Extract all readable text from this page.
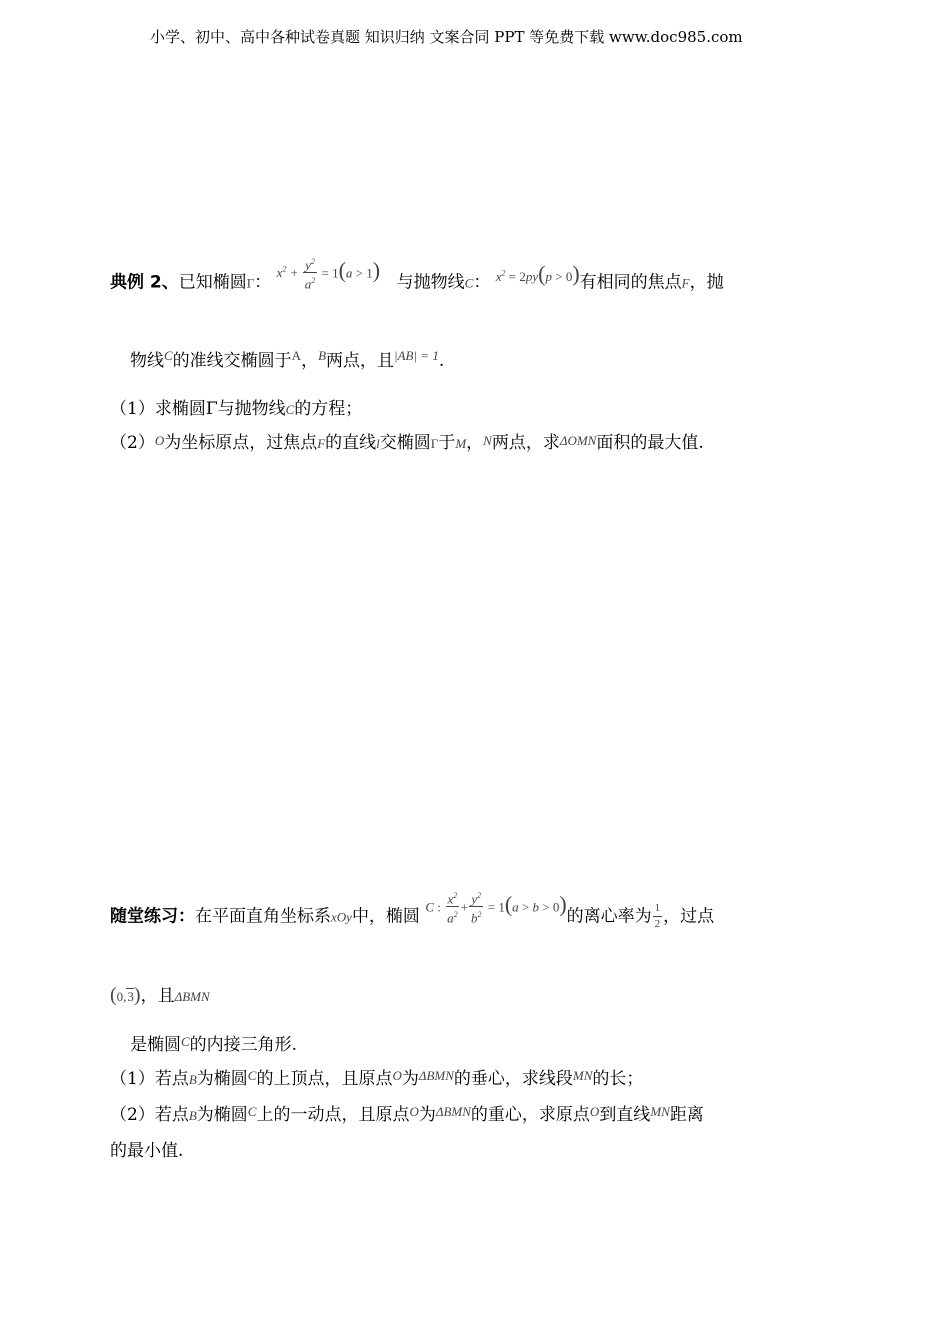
小学、初中、高中各种试卷真题 知识归纳 文案合同 PPT 等免费下载 www.doc985.com
典例 2、已知椭圆Γ： $x^2 + \frac{y^2}{a^2} = 1(a > 1)$ 与抛物线C： $x^2 = 2py(p > 0)$有相同的焦点F，抛
物线$^C$的准线交椭圆于$^A$，$^B$两点，且$^{|AB| = 1}$.
（1）求椭圆Γ与抛物线C的方程；
（2）O为坐标原点，过焦点F的直线l交椭圆Γ于M，N两点，求ΔOMN面积的最大值.
随堂练习：在平面直角坐标系xOy中，椭圆 C : $\frac{x^2}{a^2} + \frac{y^2}{b^2} = 1(a > b > 0)$的离心率为 $\frac{1}{2}$ ，过点
(0,3)，且ΔBMN
是椭圆$^C$的内接三角形.
（1）若点B为椭圆$^C$的上顶点，且原点$^O$为$^{\Delta BMN}$的垂心，求线段$^{MN}$的长；
（2）若点B为椭圆$^C$上的一动点，且原点$^O$为$^{\Delta BMN}$的重心，求原点$^O$到直线$^{MN}$距离
的最小值.
